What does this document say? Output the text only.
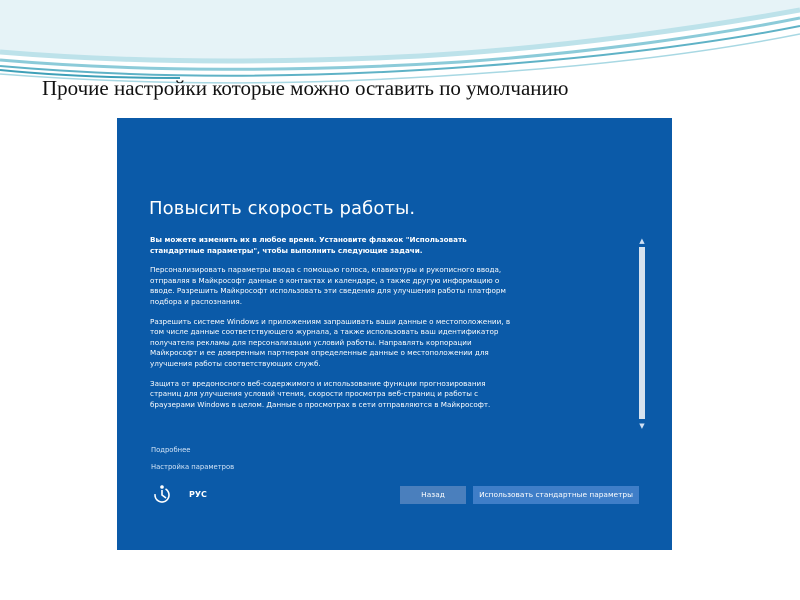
Прочие настройки которые можно оставить по умолчанию
Повысить скорость работы.

Вы можете изменить их в любое время. Установите флажок "Использовать стандартные параметры", чтобы выполнить следующие задачи.

Персонализировать параметры ввода с помощью голоса, клавиатуры и рукописного ввода, отправляя в Майкрософт данные о контактах и календаре, а также другую информацию о вводе. Разрешить Майкрософт использовать эти сведения для улучшения работы платформ подбора и распознания.

Разрешить системе Windows и приложениям запрашивать ваши данные о местоположении, в том числе данные соответствующего журнала, а также использовать ваш идентификатор получателя рекламы для персонализации условий работы. Направлять корпорации Майкрософт и ее доверенным партнерам определенные данные о местоположении для улучшения работы соответствующих служб.

Защита от вредоносного веб-содержимого и использование функции прогнозирования страниц для улучшения условий чтения, скорости просмотра веб-страниц и работы с браузерами Windows в целом. Данные о просмотрах в сети отправляются в Майкрософт.

▲
▼
Подробнее
Настройка параметров
РУС	Назад	Использовать стандартные параметры
